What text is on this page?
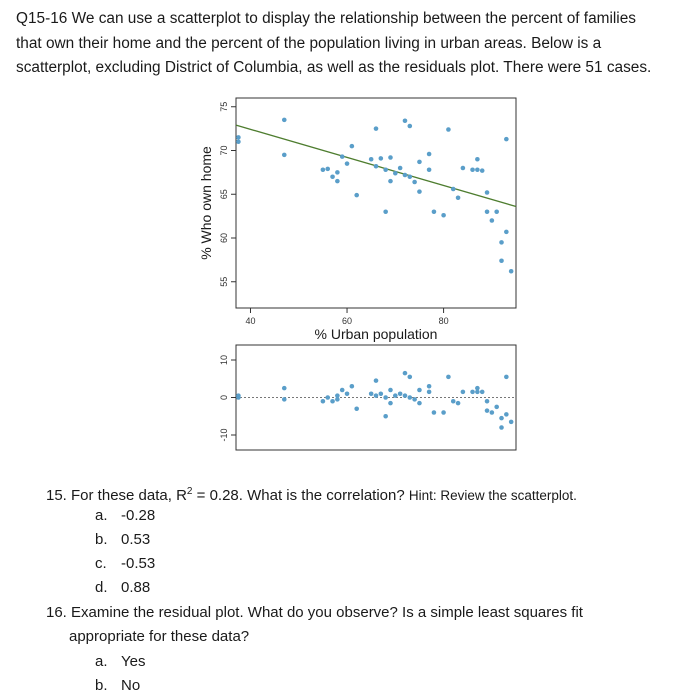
Q15-16 We can use a scatterplot to display the relationship between the percent of families

that own their home and the percent of the population living in urban areas. Below is a

scatterplot, excluding District of Columbia, as well as the residuals plot. There were 51 cases.

55
60
65
70
75
40	60	80
% Urban population
% Who own home
-10
0
10
15. For these data, $R^2 = 0.28$. What is the correlation? Hint: Review the scatterplot.
a. -0.28
b. 0.53
c. -0.53
d. 0.88
16. Examine the residual plot. What do you observe? Is a simple least squares fit
appropriate for these data?
a. Yes
b. No
